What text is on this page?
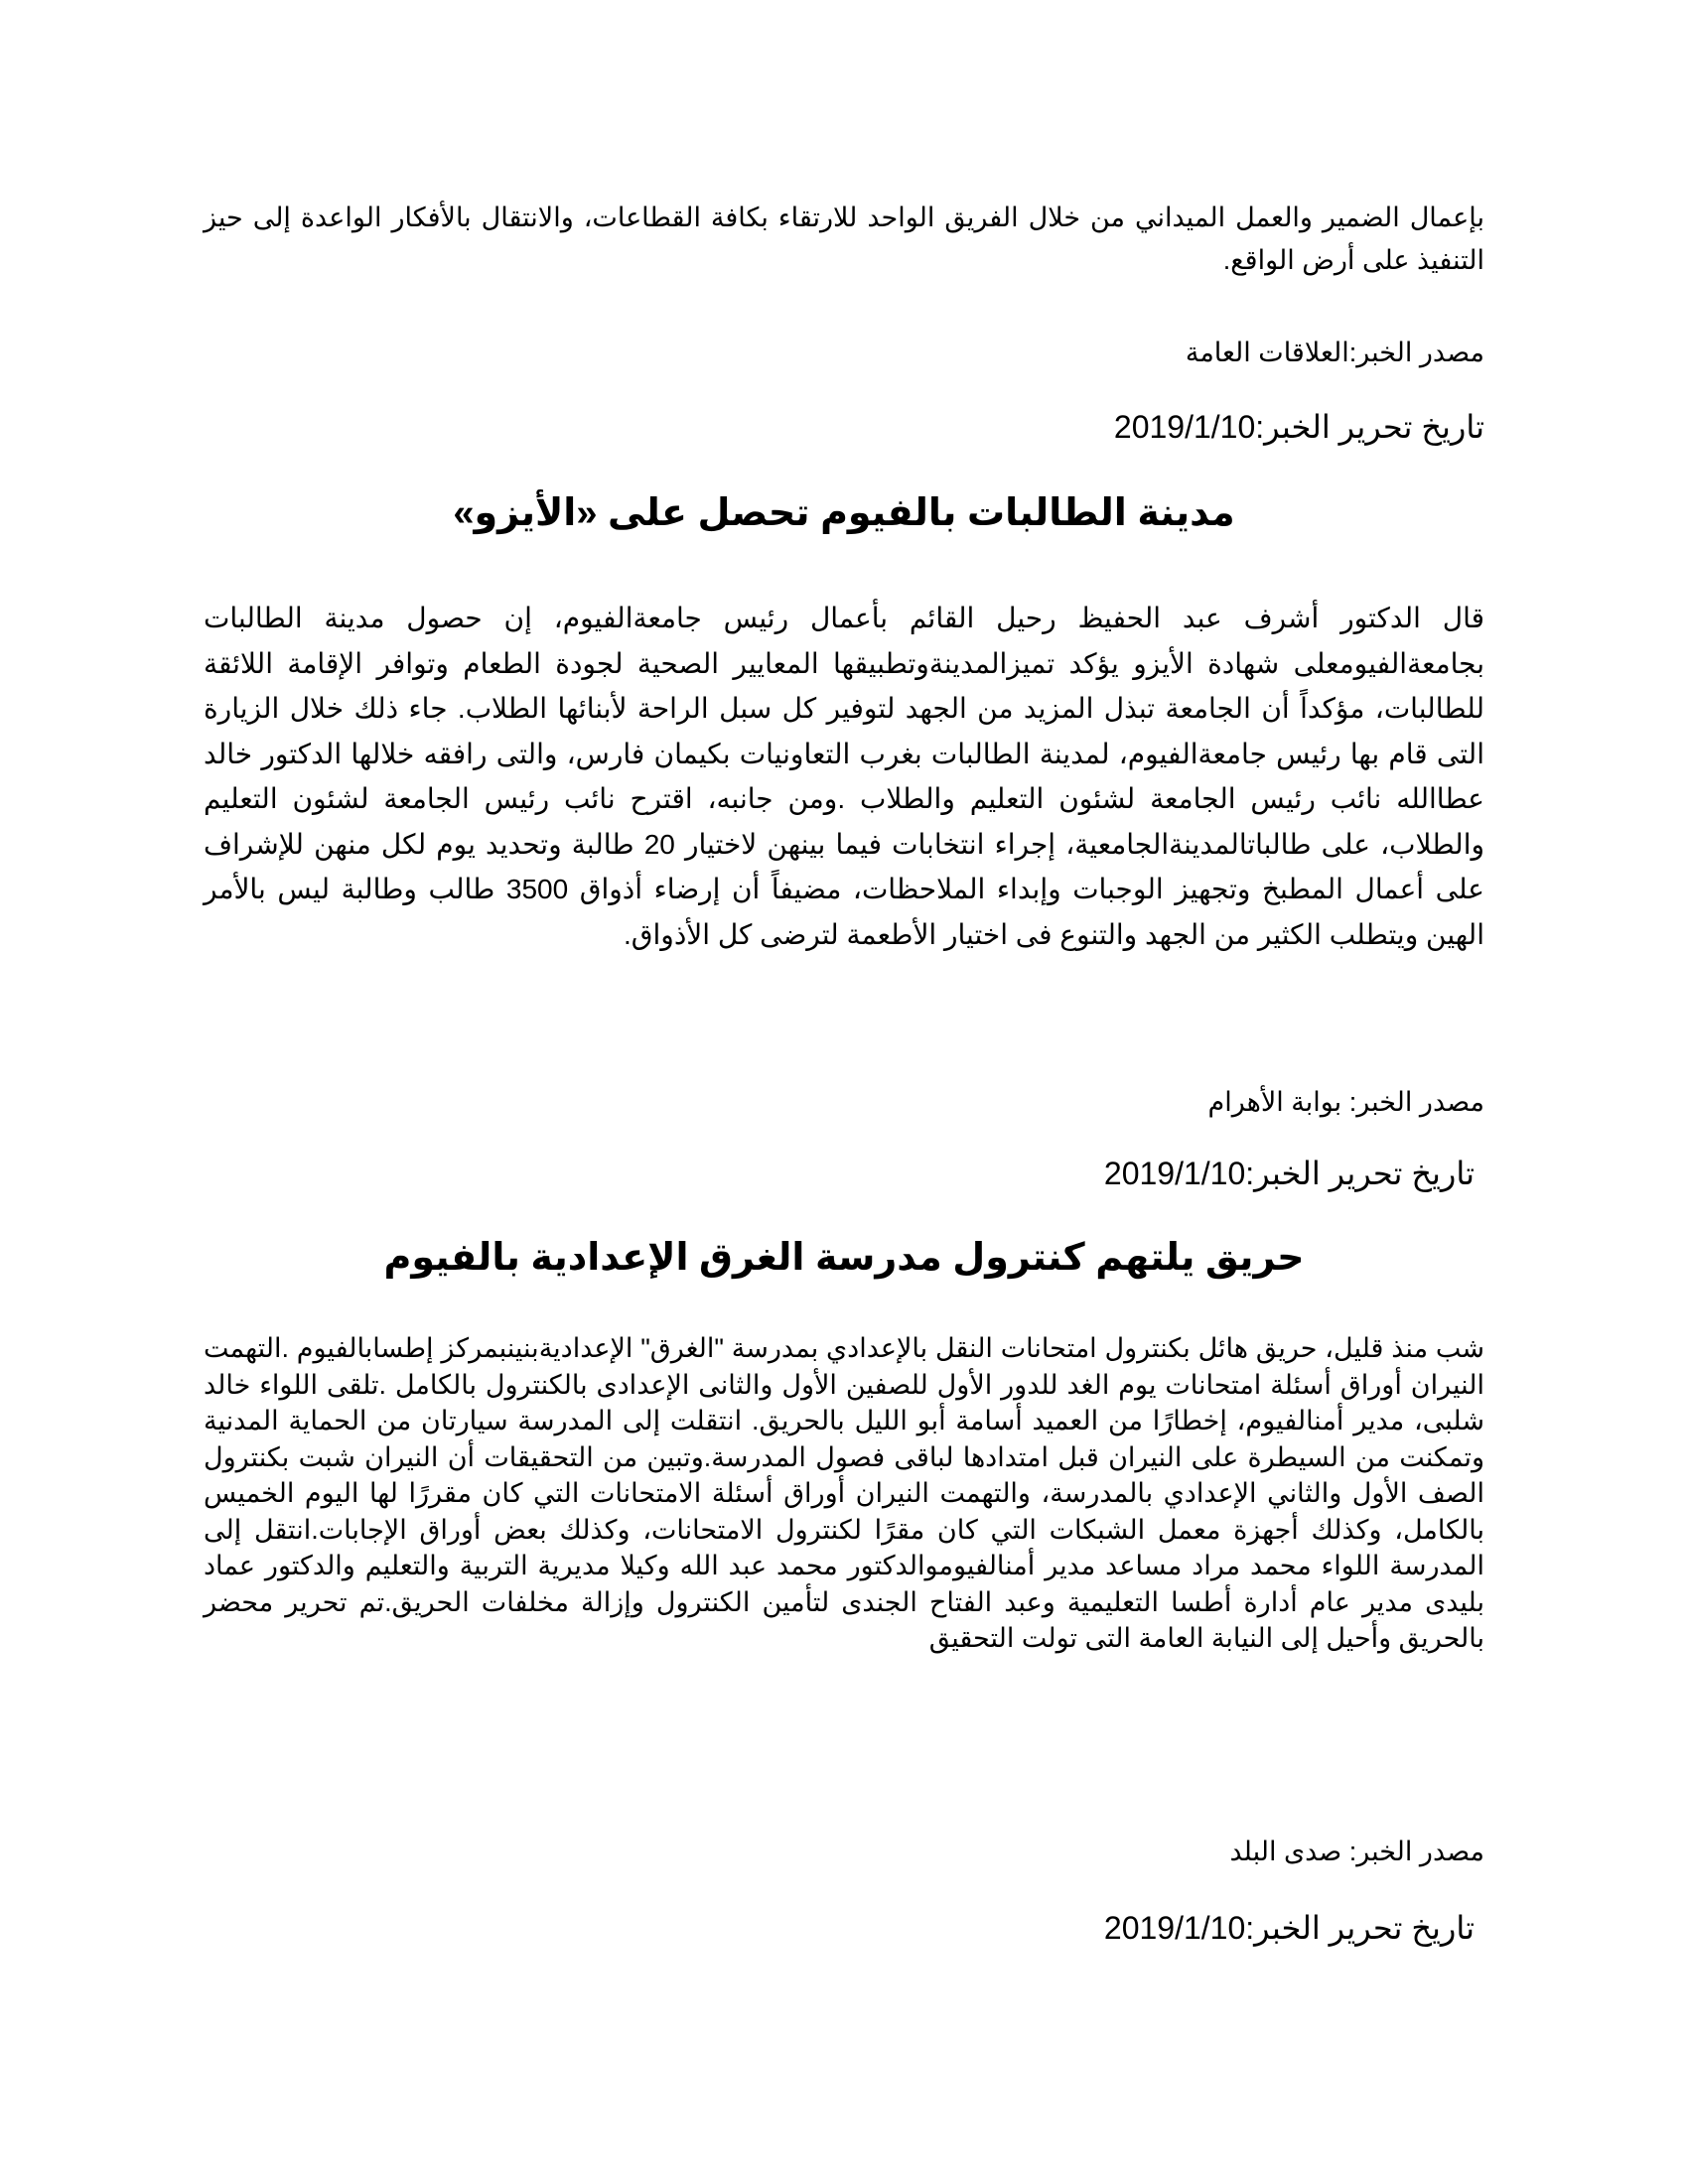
بإعمال الضمير والعمل الميداني من خلال الفريق الواحد للارتقاء بكافة القطاعات، والانتقال بالأفكار الواعدة إلى حيز التنفيذ على أرض الواقع.

مصدر الخبر:العلاقات العامة

تاريخ تحرير الخبر:2019/1/10

مدينة الطالبات بالفيوم تحصل على «الأيزو»

قال الدكتور أشرف عبد الحفيظ رحيل القائم بأعمال رئيس جامعةالفيوم، إن حصول مدينة الطالبات بجامعةالفيومعلى شهادة الأيزو يؤكد تميزالمدينةوتطبيقها المعايير الصحية لجودة الطعام وتوافر الإقامة اللائقة للطالبات، مؤكداً أن الجامعة تبذل المزيد من الجهد لتوفير كل سبل الراحة لأبنائها الطلاب. جاء ذلك خلال الزيارة التى قام بها رئيس جامعةالفيوم، لمدينة الطالبات بغرب التعاونيات بكيمان فارس، والتى رافقه خلالها الدكتور خالد عطاالله نائب رئيس الجامعة لشئون التعليم والطلاب .ومن جانبه، اقترح نائب رئيس الجامعة لشئون التعليم والطلاب، على طالباتالمدينةالجامعية، إجراء انتخابات فيما بينهن لاختيار 20 طالبة وتحديد يوم لكل منهن للإشراف على أعمال المطبخ وتجهيز الوجبات وإبداء الملاحظات، مضيفاً أن إرضاء أذواق 3500 طالب وطالبة ليس بالأمر الهين ويتطلب الكثير من الجهد والتنوع فى اختيار الأطعمة لترضى كل الأذواق.

مصدر الخبر: بوابة الأهرام

تاريخ تحرير الخبر:2019/1/10

حريق يلتهم كنترول مدرسة الغرق الإعدادية بالفيوم

شب منذ قليل، حريق هائل بكنترول امتحانات النقل بالإعدادي بمدرسة "الغرق" الإعداديةبنينبمركز إطسابالفيوم .التهمت النيران أوراق أسئلة امتحانات يوم الغد للدور الأول للصفين الأول والثانى الإعدادى بالكنترول بالكامل .تلقى اللواء خالد شلبى، مدير أمنالفيوم، إخطارًا من العميد أسامة أبو الليل بالحريق. انتقلت إلى المدرسة سيارتان من الحماية المدنية وتمكنت من السيطرة على النيران قبل امتدادها لباقى فصول المدرسة.وتبين من التحقيقات أن النيران شبت بكنترول الصف الأول والثاني الإعدادي بالمدرسة، والتهمت النيران أوراق أسئلة الامتحانات التي كان مقررًا لها اليوم الخميس بالكامل، وكذلك أجهزة معمل الشبكات التي كان مقرًا لكنترول الامتحانات، وكذلك بعض أوراق الإجابات.انتقل إلى المدرسة اللواء محمد مراد مساعد مدير أمنالفيوموالدكتور محمد عبد الله وكيلا مديرية التربية والتعليم والدكتور عماد بليدى مدير عام أدارة أطسا التعليمية وعبد الفتاح الجندى لتأمين الكنترول وإزالة مخلفات الحريق.تم تحرير محضر بالحريق وأحيل إلى النيابة العامة التى تولت التحقيق

مصدر الخبر: صدى البلد

تاريخ تحرير الخبر:2019/1/10
